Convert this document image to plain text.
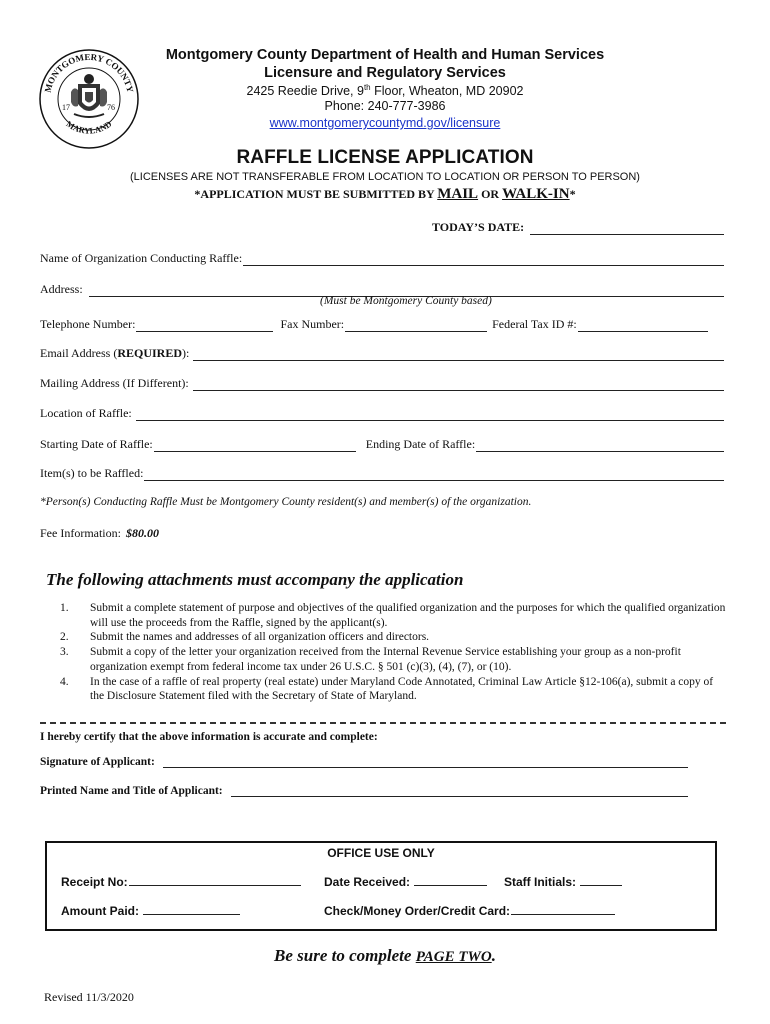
MONTGOMERY COUNTY
MARYLAND
17	76
Montgomery County Department of Health and Human Services
Licensure and Regulatory Services
2425 Reedie Drive, 9th Floor, Wheaton, MD 20902
Phone: 240-777-3986
www.montgomerycountymd.gov/licensure
RAFFLE LICENSE APPLICATION
(LICENSES ARE NOT TRANSFERABLE FROM LOCATION TO LOCATION OR PERSON TO PERSON)
*APPLICATION MUST BE SUBMITTED BY MAIL OR WALK-IN*
TODAY’S DATE:
Name of Organization Conducting Raffle:
Address:
(Must be Montgomery County based)
Telephone Number:	Fax Number:	Federal Tax ID #:
Email Address (REQUIRED):
Mailing Address (If Different):
Location of Raffle:
Starting Date of Raffle:	Ending Date of Raffle:
Item(s) to be Raffled:
*Person(s) Conducting Raffle Must be Montgomery County resident(s) and member(s) of the organization.
Fee Information: $80.00
The following attachments must accompany the application
1.	Submit a complete statement of purpose and objectives of the qualified organization and the purposes for which the qualified organization will use the proceeds from the Raffle, signed by the applicant(s).
2.	Submit the names and addresses of all organization officers and directors.
3.	Submit a copy of the letter your organization received from the Internal Revenue Service establishing your group as a non-profit organization exempt from federal income tax under 26 U.S.C. § 501 (c)(3), (4), (7), or (10).
4.	In the case of a raffle of real property (real estate) under Maryland Code Annotated, Criminal Law Article §12-106(a), submit a copy of the Disclosure Statement filed with the Secretary of State of Maryland.
I hereby certify that the above information is accurate and complete:
Signature of Applicant:
Printed Name and Title of Applicant:
OFFICE USE ONLY
Receipt No:	Date Received:	Staff Initials:
Amount Paid:	Check/Money Order/Credit Card:
Be sure to complete PAGE TWO.
Revised 11/3/2020
